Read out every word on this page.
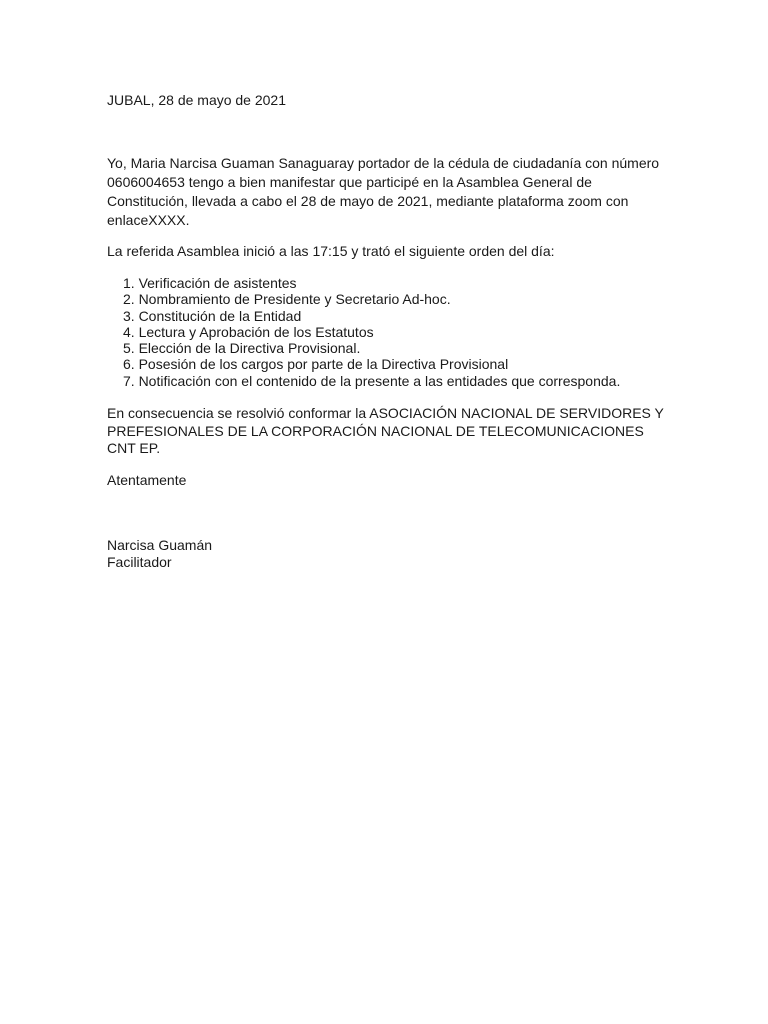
JUBAL, 28 de mayo de 2021

Yo, Maria Narcisa Guaman Sanaguaray portador de la cédula de ciudadanía con número 0606004653 tengo a bien manifestar que participé en la Asamblea General de Constitución, llevada a cabo el 28 de mayo de 2021, mediante plataforma zoom con enlaceXXXX.

La referida Asamblea inició a las 17:15 y trató el siguiente orden del día:

1. Verificación de asistentes
2. Nombramiento de Presidente y Secretario Ad-hoc.
3. Constitución de la Entidad
4. Lectura y Aprobación de los Estatutos
5. Elección de la Directiva Provisional.
6. Posesión de los cargos por parte de la Directiva Provisional
7. Notificación con el contenido de la presente a las entidades que corresponda.

En consecuencia se resolvió conformar la ASOCIACIÓN NACIONAL DE SERVIDORES Y PREFESIONALES DE LA CORPORACIÓN NACIONAL DE TELECOMUNICACIONES CNT EP.

Atentamente

Narcisa Guamán
Facilitador
